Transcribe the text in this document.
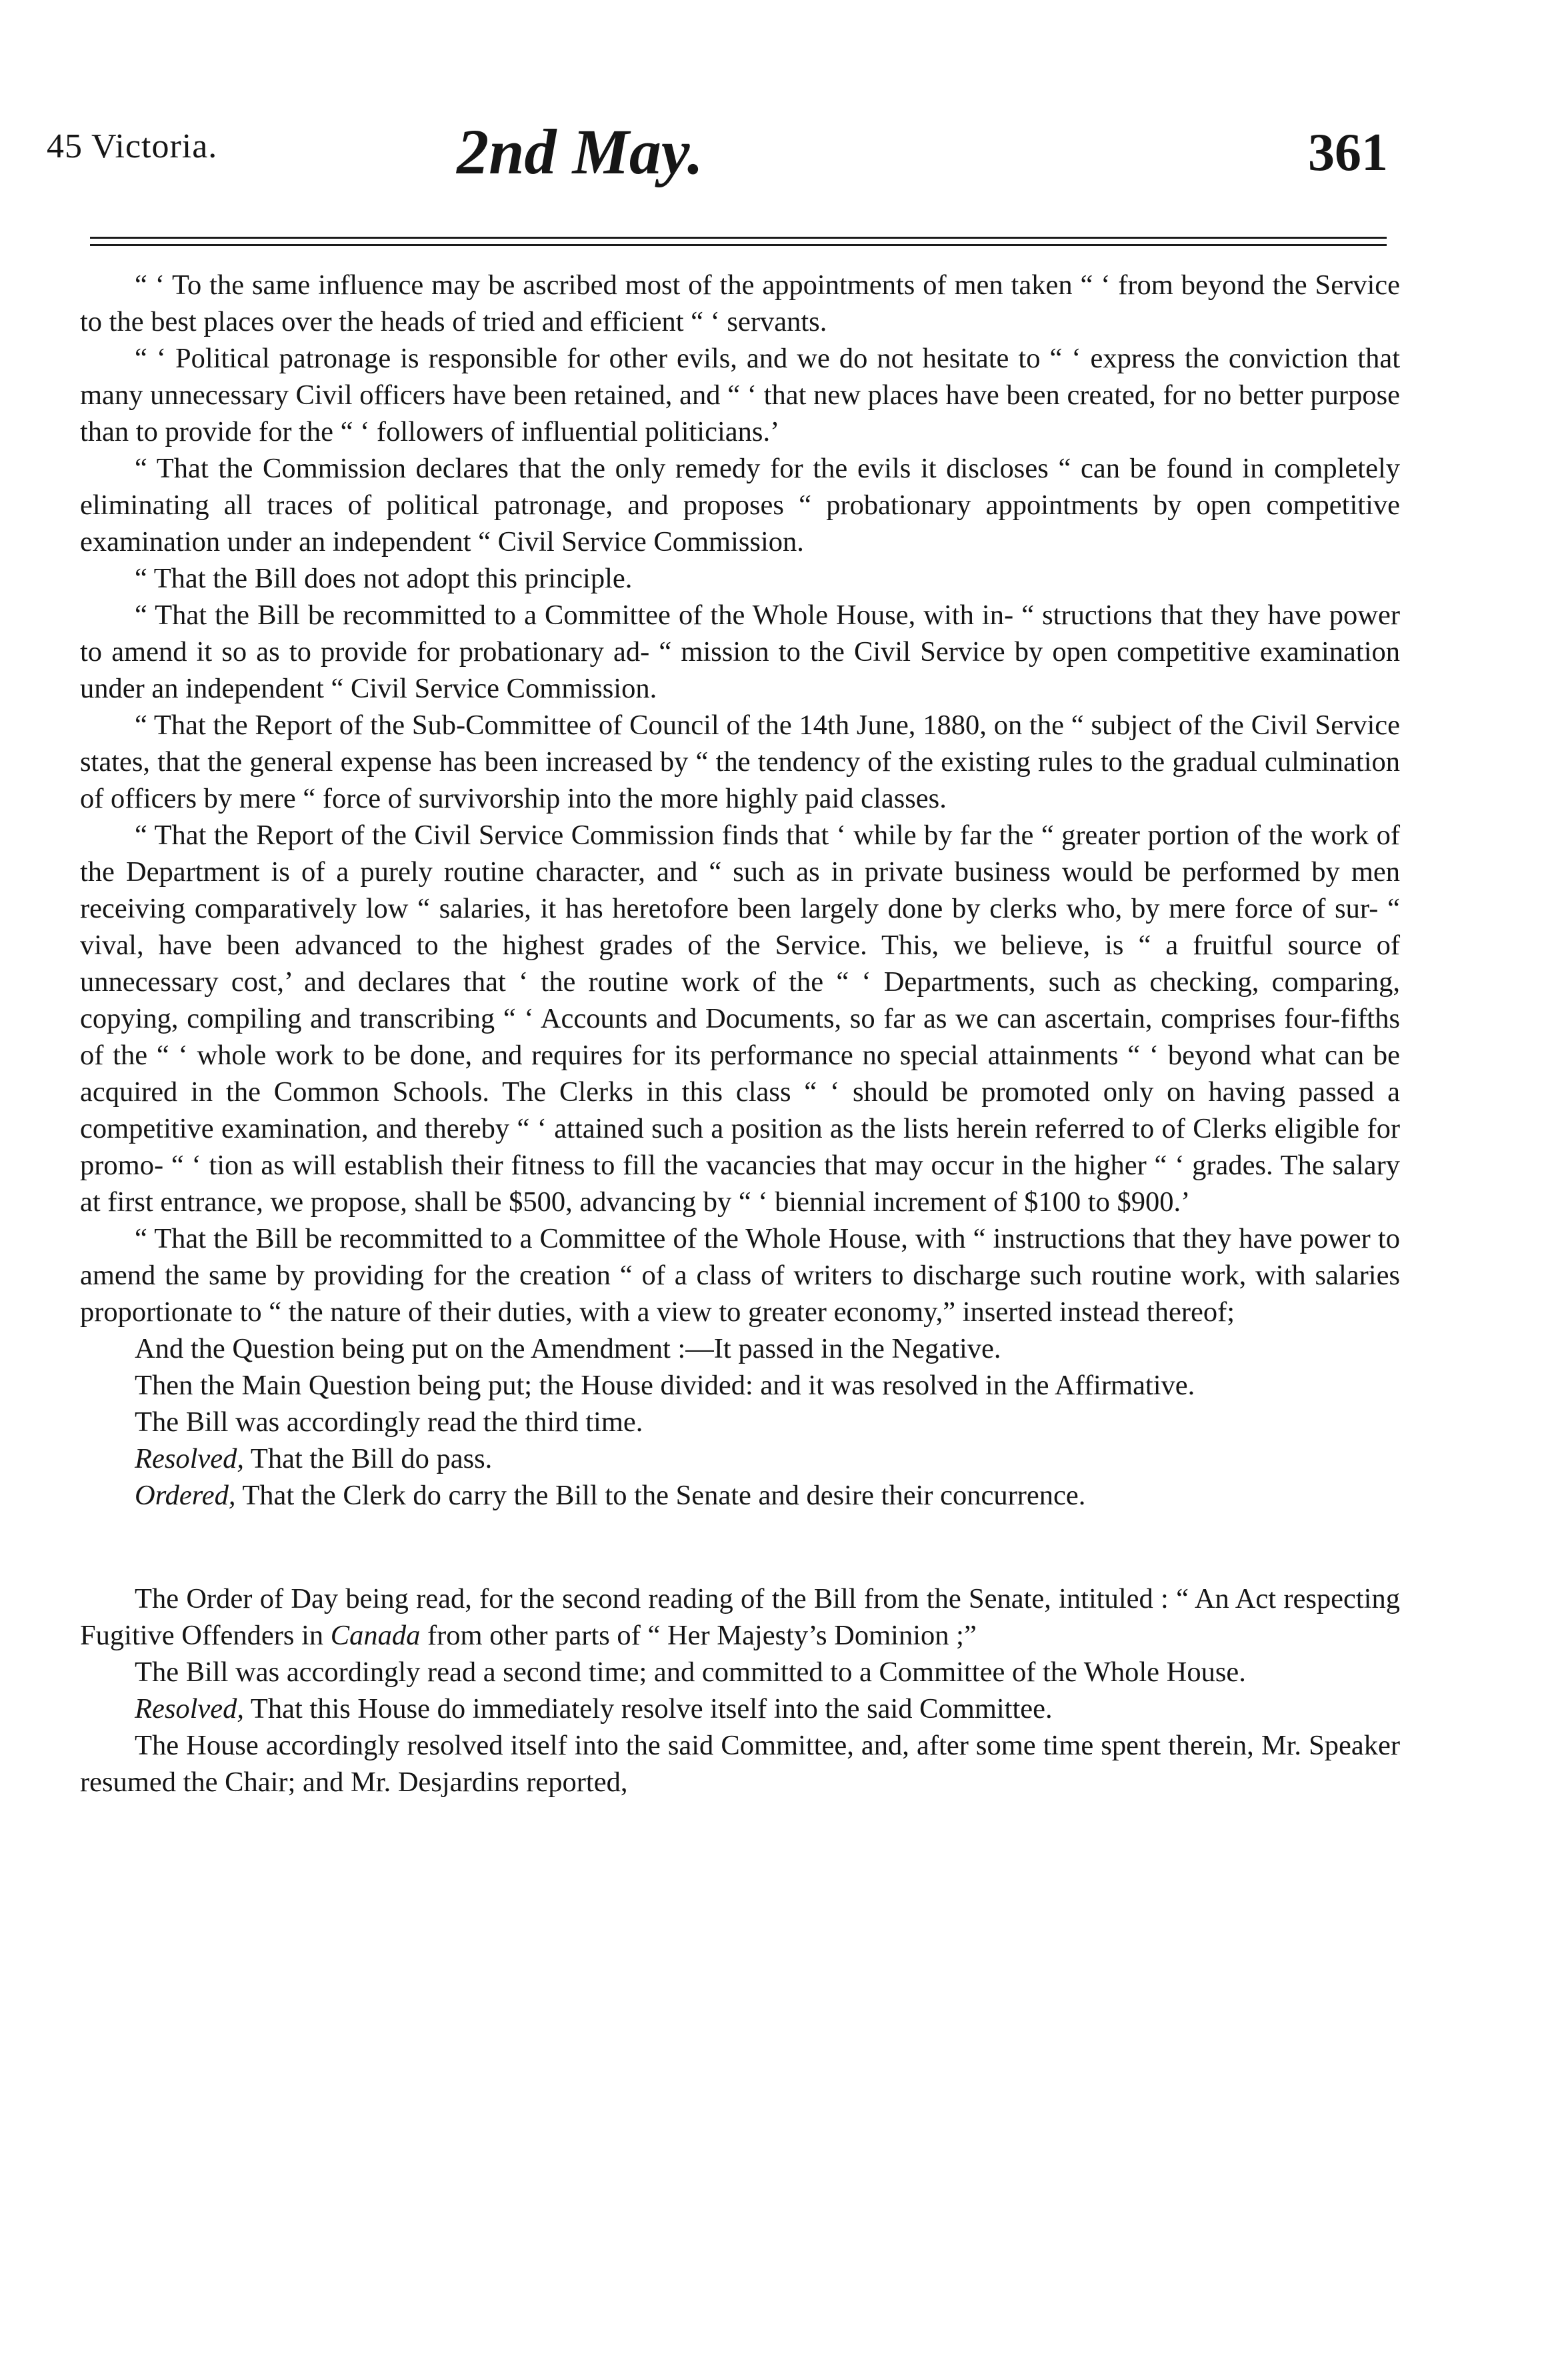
45 Victoria.	2nd May.	361

“ ‘ To the same influence may be ascribed most of the appointments of men taken “ ‘ from beyond the Service to the best places over the heads of tried and efficient “ ‘ servants.

“ ‘ Political patronage is responsible for other evils, and we do not hesitate to “ ‘ express the conviction that many unnecessary Civil officers have been retained, and “ ‘ that new places have been created, for no better purpose than to provide for the “ ‘ followers of influential politicians.’

“ That the Commission declares that the only remedy for the evils it discloses “ can be found in completely eliminating all traces of political patronage, and proposes “ probationary appointments by open competitive examination under an independent “ Civil Service Commission.

“ That the Bill does not adopt this principle.

“ That the Bill be recommitted to a Committee of the Whole House, with in- “ structions that they have power to amend it so as to provide for probationary ad- “ mission to the Civil Service by open competitive examination under an independent “ Civil Service Commission.

“ That the Report of the Sub-Committee of Council of the 14th June, 1880, on the “ subject of the Civil Service states, that the general expense has been increased by “ the tendency of the existing rules to the gradual culmination of officers by mere “ force of survivorship into the more highly paid classes.

“ That the Report of the Civil Service Commission finds that ‘ while by far the “ greater portion of the work of the Department is of a purely routine character, and “ such as in private business would be performed by men receiving comparatively low “ salaries, it has heretofore been largely done by clerks who, by mere force of sur- “ vival, have been advanced to the highest grades of the Service. This, we believe, is “ a fruitful source of unnecessary cost,’ and declares that ‘ the routine work of the “ ‘ Departments, such as checking, comparing, copying, compiling and transcribing “ ‘ Accounts and Documents, so far as we can ascertain, comprises four-fifths of the “ ‘ whole work to be done, and requires for its performance no special attainments “ ‘ beyond what can be acquired in the Common Schools. The Clerks in this class “ ‘ should be promoted only on having passed a competitive examination, and thereby “ ‘ attained such a position as the lists herein referred to of Clerks eligible for promo- “ ‘ tion as will establish their fitness to fill the vacancies that may occur in the higher “ ‘ grades. The salary at first entrance, we propose, shall be $500, advancing by “ ‘ biennial increment of $100 to $900.’

“ That the Bill be recommitted to a Committee of the Whole House, with “ instructions that they have power to amend the same by providing for the creation “ of a class of writers to discharge such routine work, with salaries proportionate to “ the nature of their duties, with a view to greater economy,” inserted instead thereof;

And the Question being put on the Amendment :—It passed in the Negative.

Then the Main Question being put; the House divided: and it was resolved in the Affirmative.

The Bill was accordingly read the third time.

Resolved, That the Bill do pass.

Ordered, That the Clerk do carry the Bill to the Senate and desire their concurrence.

The Order of Day being read, for the second reading of the Bill from the Senate, intituled : “ An Act respecting Fugitive Offenders in Canada from other parts of “ Her Majesty’s Dominion ;”

The Bill was accordingly read a second time; and committed to a Committee of the Whole House.

Resolved, That this House do immediately resolve itself into the said Committee.

The House accordingly resolved itself into the said Committee, and, after some time spent therein, Mr. Speaker resumed the Chair; and Mr. Desjardins reported,
